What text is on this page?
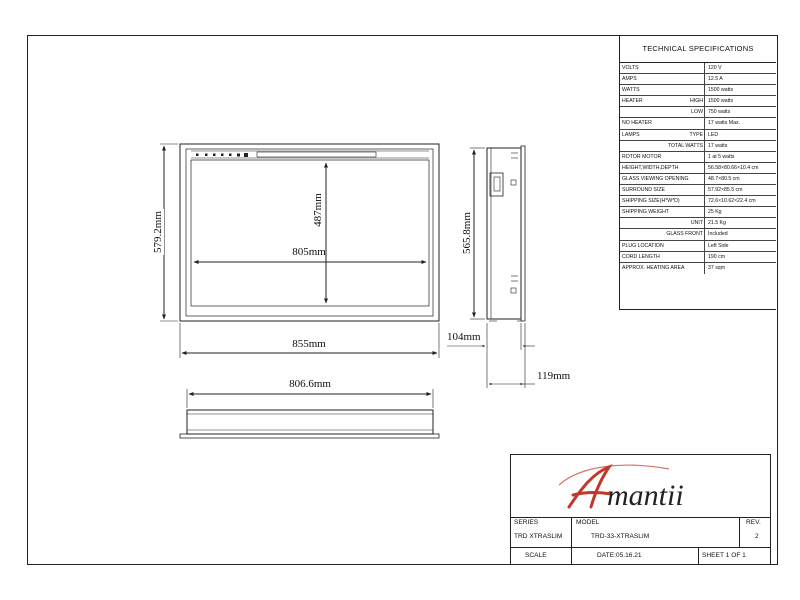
579.2mm
487mm
805mm
855mm
565.8mm
104mm
119mm
806.6mm
TECHNICAL SPECIFICATIONS
VOLTS	120 V
AMPS	12.5 A
WATTS	1500 watts
HEATER	HIGH 1500 watts
LOW 750 watts
NO HEATER	17 watts Max.
LAMPS	TYPE LED
TOTAL WATTS 17 watts
ROTOR MOTOR	1 at 5 watts
HEIGHT,WIDTH,DEPTH	56.58×80.66×10.4 cm
GLASS VIEWING OPENING	48.7×80.5 cm
SURROUND SIZE	57.92×85.5 cm
SHIPPING SIZE(H*W*D)	72.6×10.62×22.4 cm
SHIPPING WEIGHT	25 Kg
UNIT 21.5 Kg
GLASS FRONT Included
PLUG LOCATION	Left Side
CORD LENGTH	190 cm
APPROX. HEATING AREA	37 sqm
mantii
SERIES
TRD XTRASLIM
MODEL
TRD-33-XTRASLIM
REV.
2
SCALE	DATE:05.16.21	SHEET 1 OF 1
